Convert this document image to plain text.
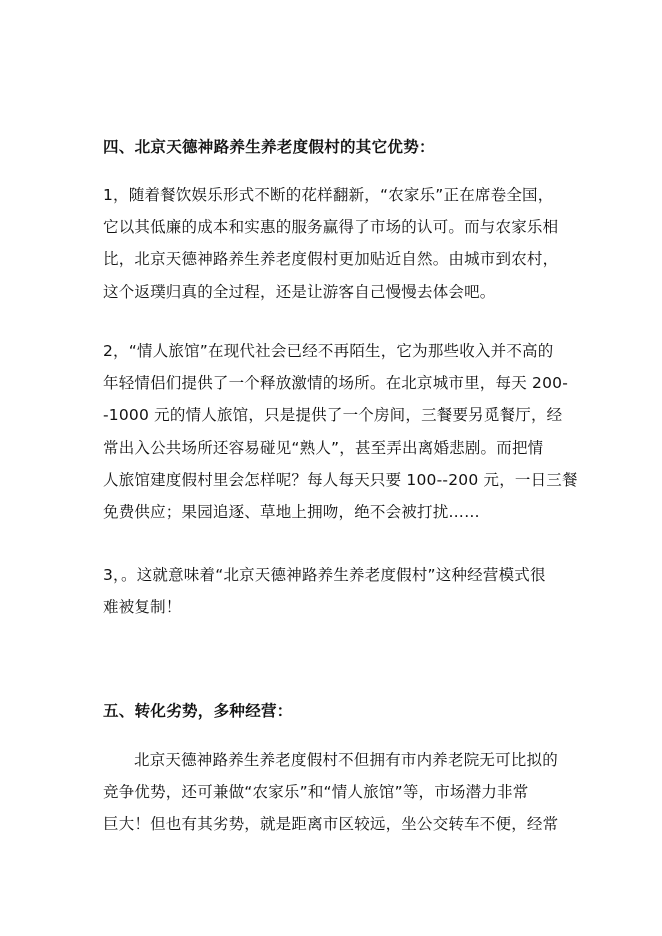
四、北京天德神路养生养老度假村的其它优势：
1，随着餐饮娱乐形式不断的花样翻新，“农家乐”正在席卷全国，
它以其低廉的成本和实惠的服务赢得了市场的认可。而与农家乐相
比，北京天德神路养生养老度假村更加贴近自然。由城市到农村，
这个返璞归真的全过程，还是让游客自己慢慢去体会吧。
2，“情人旅馆”在现代社会已经不再陌生，它为那些收入并不高的
年轻情侣们提供了一个释放激情的场所。在北京城市里，每天 200-
-1000 元的情人旅馆，只是提供了一个房间，三餐要另觅餐厅，经
常出入公共场所还容易碰见“熟人”，甚至弄出离婚悲剧。而把情
人旅馆建度假村里会怎样呢？每人每天只要 100--200 元，一日三餐
免费供应；果园追逐、草地上拥吻，绝不会被打扰……
3，。这就意味着“北京天德神路养生养老度假村”这种经营模式很
难被复制！
五、转化劣势，多种经营：
北京天德神路养生养老度假村不但拥有市内养老院无可比拟的
竞争优势，还可兼做“农家乐”和“情人旅馆”等，市场潜力非常
巨大！但也有其劣势，就是距离市区较远，坐公交转车不便，经常
